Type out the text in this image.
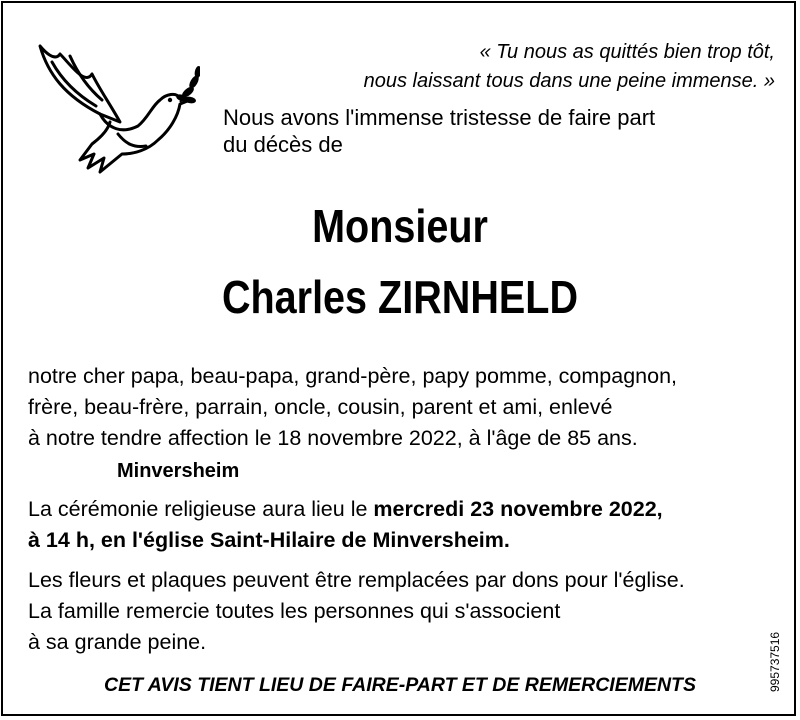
« Tu nous as quittés bien trop tôt,
nous laissant tous dans une peine immense. »
Nous avons l'immense tristesse de faire part
du décès de
Monsieur
Charles ZIRNHELD
notre cher papa, beau-papa, grand-père, papy pomme, compagnon,
frère, beau-frère, parrain, oncle, cousin, parent et ami, enlevé
à notre tendre affection le 18 novembre 2022, à l'âge de 85 ans.
Minversheim
La cérémonie religieuse aura lieu le mercredi 23 novembre 2022,
à 14 h, en l'église Saint-Hilaire de Minversheim.
Les fleurs et plaques peuvent être remplacées par dons pour l'église.
La famille remercie toutes les personnes qui s'associent
à sa grande peine.
CET AVIS TIENT LIEU DE FAIRE-PART ET DE REMERCIEMENTS	995737516
